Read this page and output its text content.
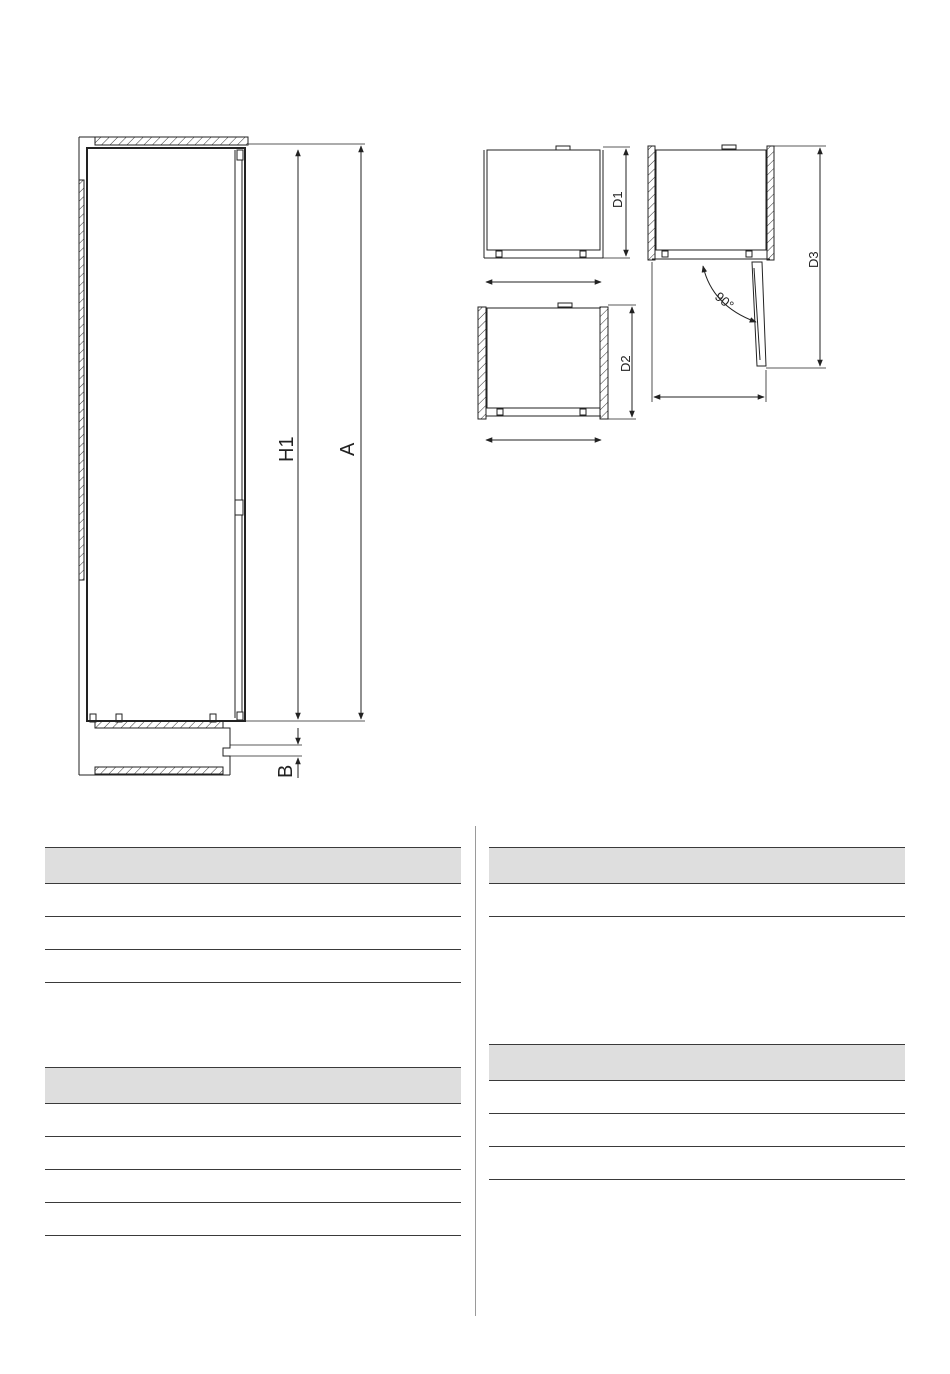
H1 A
B
D1
D2
D3
90°
